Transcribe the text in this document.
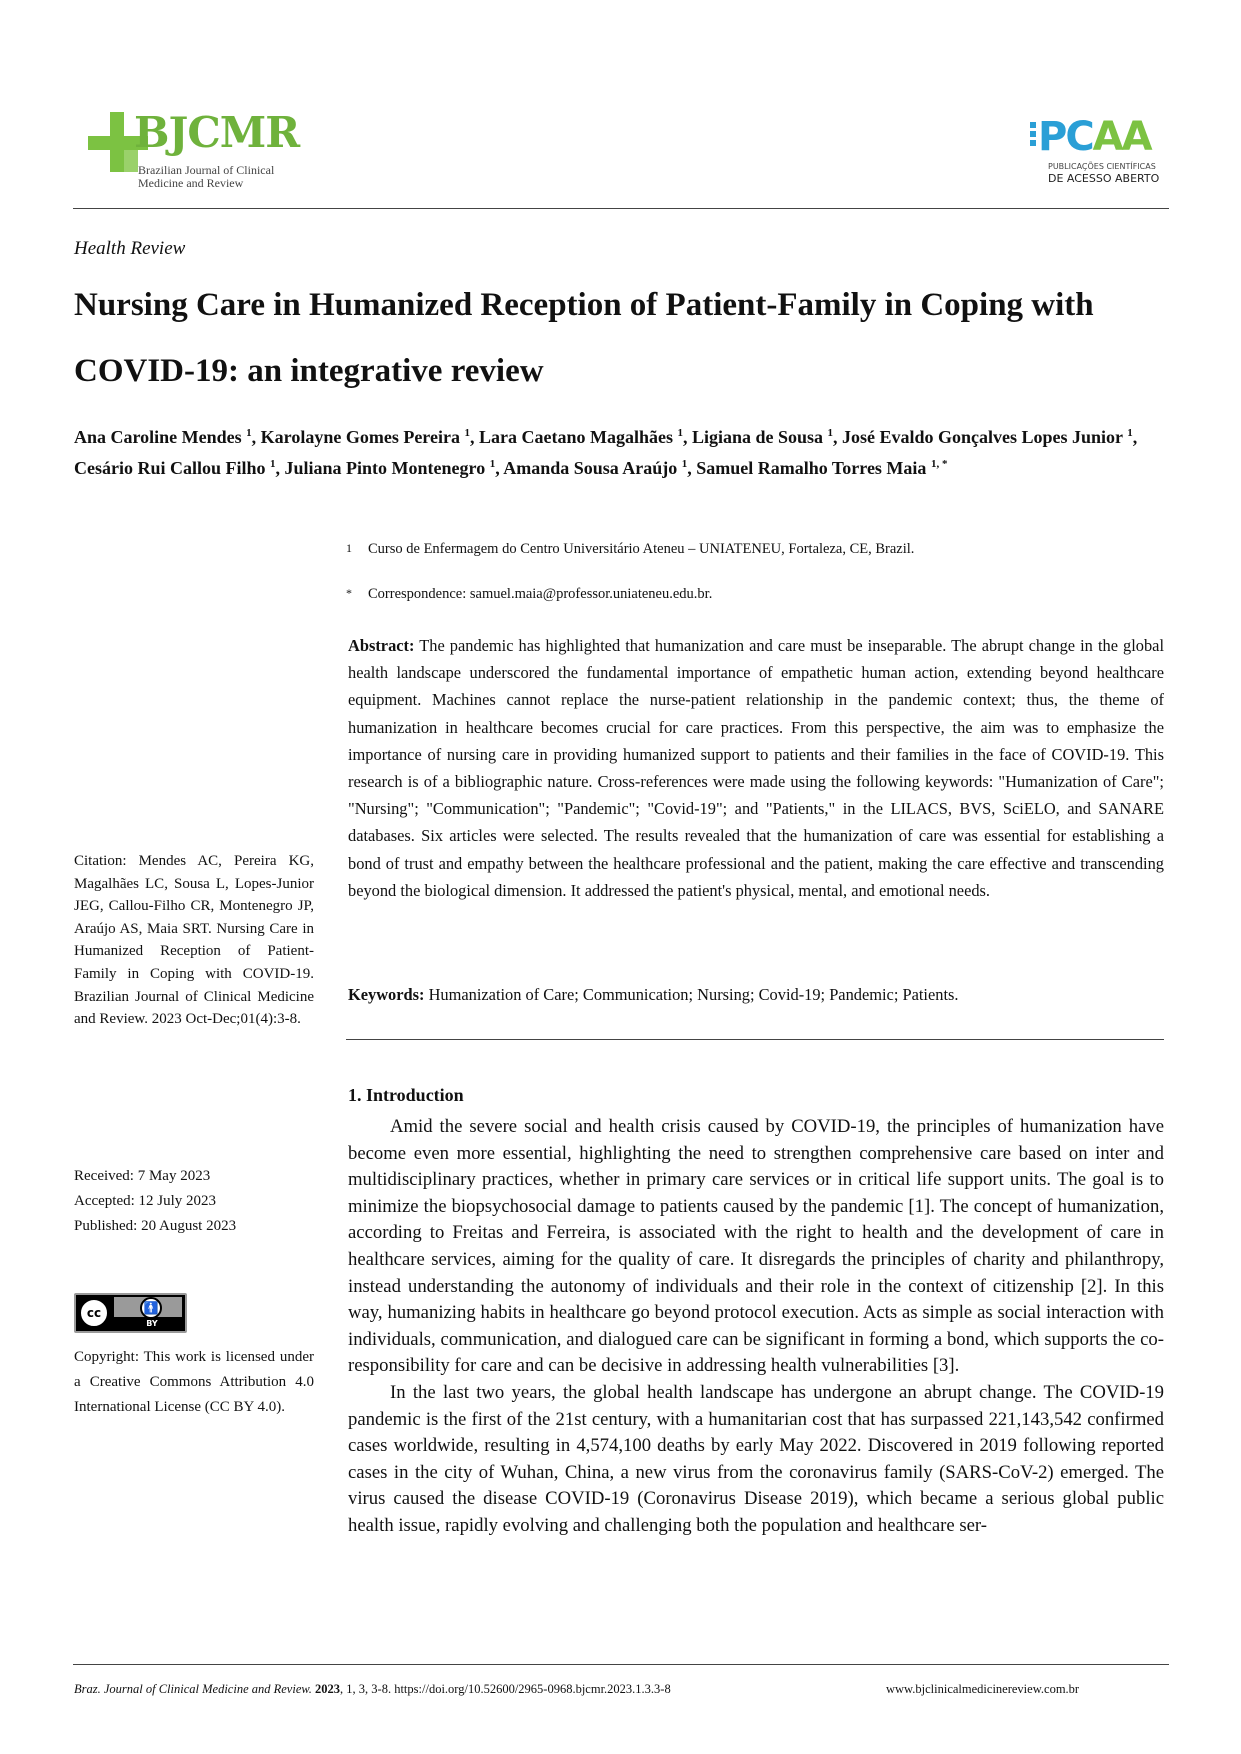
BJCMR
Brazilian Journal of Clinical
Medicine and Review
PCAA
PUBLICAÇÕES CIENTÍFICAS
DE ACESSO ABERTO
Health Review
Nursing Care in Humanized Reception of Patient-Family in Coping with COVID-19: an integrative review
Ana Caroline Mendes $^1$, Karolayne Gomes Pereira $^1$, Lara Caetano Magalhães $^1$, Ligiana de Sousa $^1$, José Evaldo Gonçalves Lopes Junior $^1$, Cesário Rui Callou Filho $^1$, Juliana Pinto Montenegro $^1$, Amanda Sousa Araújo $^1$, Samuel Ramalho Torres Maia $^{1, *}$
1 Curso de Enfermagem do Centro Universitário Ateneu – UNIATENEU, Fortaleza, CE, Brazil.
* Correspondence: samuel.maia@professor.uniateneu.edu.br.
Abstract: The pandemic has highlighted that humanization and care must be inseparable. The abrupt change in the global health landscape underscored the fundamental importance of empathetic human action, extending beyond healthcare equipment. Machines cannot replace the nurse-patient relationship in the pandemic context; thus, the theme of humanization in healthcare becomes crucial for care practices. From this perspective, the aim was to emphasize the importance of nursing care in providing humanized support to patients and their families in the face of COVID-19. This research is of a bibliographic nature. Cross-references were made using the following keywords: "Humanization of Care"; "Nursing"; "Communication"; "Pandemic"; "Covid-19"; and "Patients," in the LILACS, BVS, SciELO, and SANARE databases. Six articles were selected. The results revealed that the humanization of care was essential for establishing a bond of trust and empathy between the healthcare professional and the patient, making the care effective and transcending beyond the biological dimension. It addressed the patient's physical, mental, and emotional needs.
Keywords: Humanization of Care; Communication; Nursing; Covid-19; Pandemic; Patients.
Citation: Mendes AC, Pereira KG, Magalhães LC, Sousa L, Lopes-Junior JEG, Callou-Filho CR, Montenegro JP, Araújo AS, Maia SRT. Nursing Care in Humanized Reception of Patient-Family in Coping with COVID-19. Brazilian Journal of Clinical Medicine and Review. 2023 Oct-Dec;01(4):3-8.
Received: 7 May 2023
Accepted: 12 July 2023
Published: 20 August 2023
cc	🚹
BY
Copyright: This work is licensed under a Creative Commons Attribution 4.0 International License (CC BY 4.0).
1. Introduction

Amid the severe social and health crisis caused by COVID-19, the principles of humanization have become even more essential, highlighting the need to strengthen comprehensive care based on inter and multidisciplinary practices, whether in primary care services or in critical life support units. The goal is to minimize the biopsychosocial damage to patients caused by the pandemic [1]. The concept of humanization, according to Freitas and Ferreira, is associated with the right to health and the development of care in healthcare services, aiming for the quality of care. It disregards the principles of charity and philanthropy, instead understanding the autonomy of individuals and their role in the context of citizenship [2]. In this way, humanizing habits in healthcare go beyond protocol execution. Acts as simple as social interaction with individuals, communication, and dialogued care can be significant in forming a bond, which supports the co-responsibility for care and can be decisive in addressing health vulnerabilities [3].

In the last two years, the global health landscape has undergone an abrupt change. The COVID-19 pandemic is the first of the 21st century, with a humanitarian cost that has surpassed 221,143,542 confirmed cases worldwide, resulting in 4,574,100 deaths by early May 2022. Discovered in 2019 following reported cases in the city of Wuhan, China, a new virus from the coronavirus family (SARS-CoV-2) emerged. The virus caused the disease COVID-19 (Coronavirus Disease 2019), which became a serious global public health issue, rapidly evolving and challenging both the population and healthcare ser-

Braz. Journal of Clinical Medicine and Review. 2023, 1, 3, 3-8. https://doi.org/10.52600/2965-0968.bjcmr.2023.1.3.3-8	www.bjclinicalmedicinereview.com.br
